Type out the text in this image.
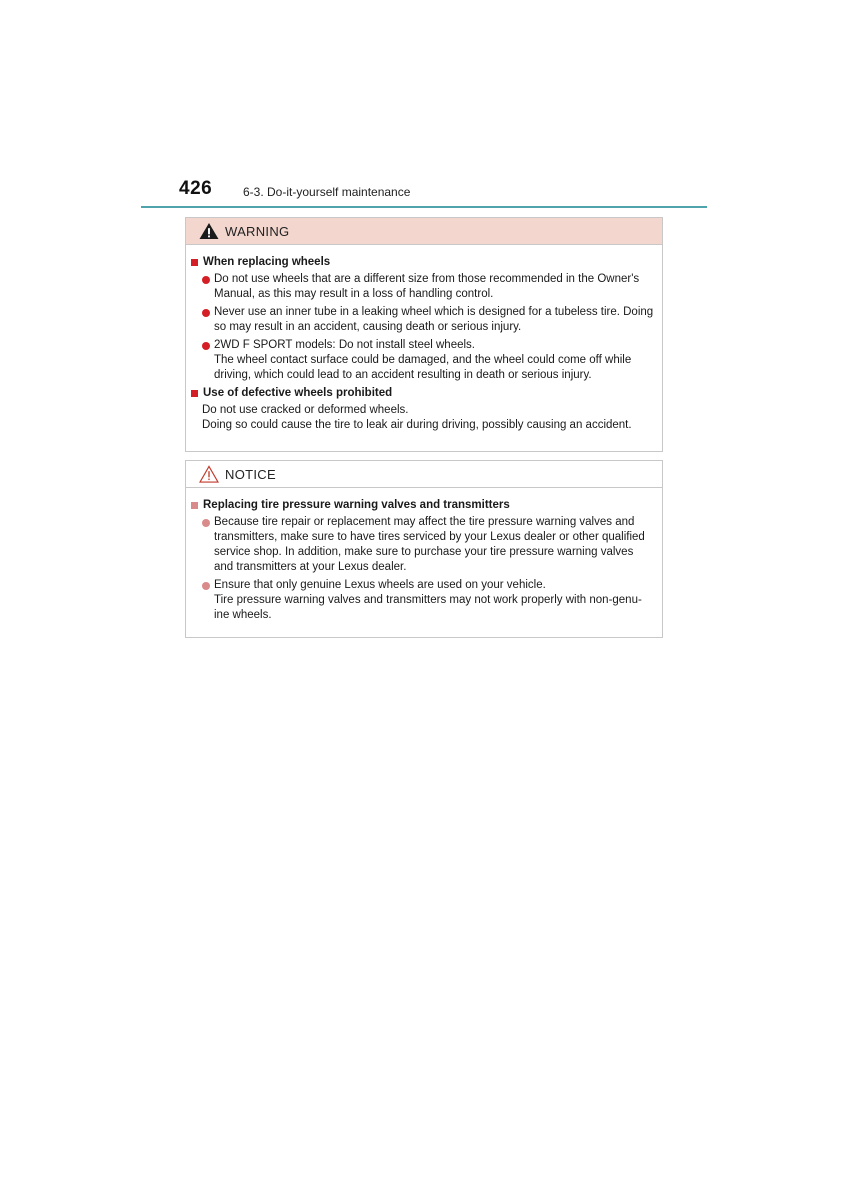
426	6-3. Do-it-yourself maintenance
WARNING
When replacing wheels
Do not use wheels that are a different size from those recommended in the Owner's
Manual, as this may result in a loss of handling control.
Never use an inner tube in a leaking wheel which is designed for a tubeless tire. Doing
so may result in an accident, causing death or serious injury.
2WD F SPORT models: Do not install steel wheels.
The wheel contact surface could be damaged, and the wheel could come off while
driving, which could lead to an accident resulting in death or serious injury.
Use of defective wheels prohibited
Do not use cracked or deformed wheels.
Doing so could cause the tire to leak air during driving, possibly causing an accident.
NOTICE
Replacing tire pressure warning valves and transmitters
Because tire repair or replacement may affect the tire pressure warning valves and
transmitters, make sure to have tires serviced by your Lexus dealer or other qualified
service shop. In addition, make sure to purchase your tire pressure warning valves
and transmitters at your Lexus dealer.
Ensure that only genuine Lexus wheels are used on your vehicle.
Tire pressure warning valves and transmitters may not work properly with non-genu-
ine wheels.
